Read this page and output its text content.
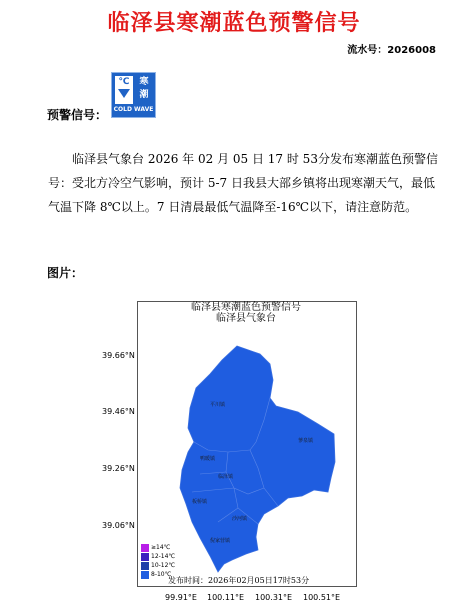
临泽县寒潮蓝色预警信号
流水号：2026008
预警信号：
℃	寒潮
COLD WAVE
临泽县气象台 2026 年 02 月 05 日 17 时 53分发布寒潮蓝色预警信号：受北方冷空气影响，预计 5-7 日我县大部乡镇将出现寒潮天气，最低气温下降 8℃以上。7 日清晨最低气温降至-16℃以下，请注意防范。
图片：
平川镇
蓼泉镇
鸭暖镇
临泽镇
板桥镇
沙河镇
倪家营镇
临泽县寒潮蓝色预警信号
临泽县气象台
39.66°N
39.46°N
39.26°N
39.06°N
99.91°E 100.11°E 100.31°E 100.51°E
≥14℃
12-14℃
10-12℃
8-10℃
发布时间：2026年02月05日17时53分
